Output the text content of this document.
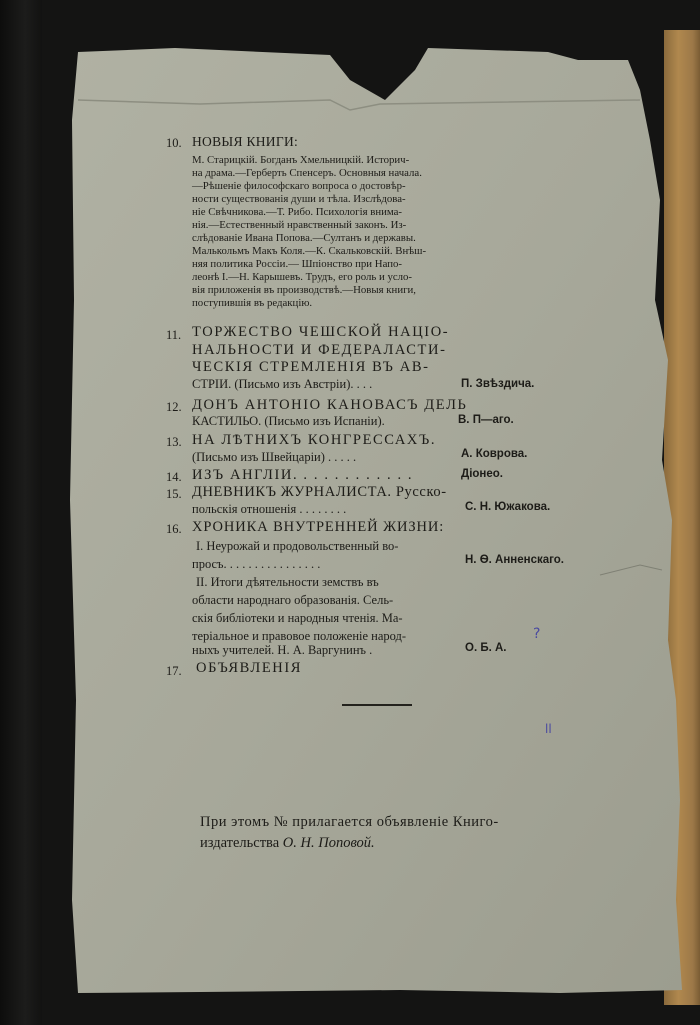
10. НОВЫЯ КНИГИ:
М. Старицкій. Богданъ Хмельницкій. Историч-
на драма.—Герберть Спенсеръ. Основныя начала.
—Рѣшеніе философскаго вопроса о достовѣр-
ности существованія души и тѣла. Изслѣдова-
ніе Свѣчникова.—Т. Рибо. Психологія внима-
нія.—Естественный нравственный законъ. Из-
слѣдованіе Ивана Попова.—Султанъ и державы.
Малькольмъ Макъ Коля.—К. Скальковскій. Внѣш-
няя политика Россіи.— Шпіонство при Напо-
леонѣ І.—Н. Карышевъ. Трудъ, его роль и усло-
вія приложенія въ производствѣ.—Новыя книги,
поступившія въ редакцію.
11. ТОРЖЕСТВО ЧЕШСКОЙ НАЦІО-
НАЛЬНОСТИ И ФЕДЕРАЛАСТИ-
ЧЕСКІЯ СТРЕМЛЕНІЯ ВЪ АВ-
СТРІИ. (Письмо изъ Австріи). . . .	П. Звѣздича.
12. ДОНЪ АНТОНІО КАНОВАСЪ ДЕЛЬ
КАСТИЛЬО. (Письмо изъ Испаніи).	В. П—аго.
13. НА ЛѢТНИХЪ КОНГРЕССАХЪ.
(Письмо изъ Швейцаріи) . . . . .	А. Коврова.
14. ИЗЪ АНГЛІИ. . . . . . . . . . . .	Діонео.
15. ДНЕВНИКЪ ЖУРНАЛИСТА. Русско-
польскія отношенія . . . . . . . .	С. Н. Южакова.
16. ХРОНИКА ВНУТРЕННЕЙ ЖИЗНИ:
І. Неурожай и продовольственный во-
просъ. . . . . . . . . . . . . . . .	Н. Ѳ. Анненскаго.
II. Итоги дѣятельности земствъ въ
области народнаго образованія. Сель-
скія библіотеки и народныя чтенія. Ма-
теріальное и правовое положеніе народ-
ныхъ учителей. Н. А. Варгунинъ .	О. Б. А.
17. ОБЪЯВЛЕНІЯ
При этомъ № прилагается объявленіе Книго-
издательства О. Н. Поповой.
?
ll
